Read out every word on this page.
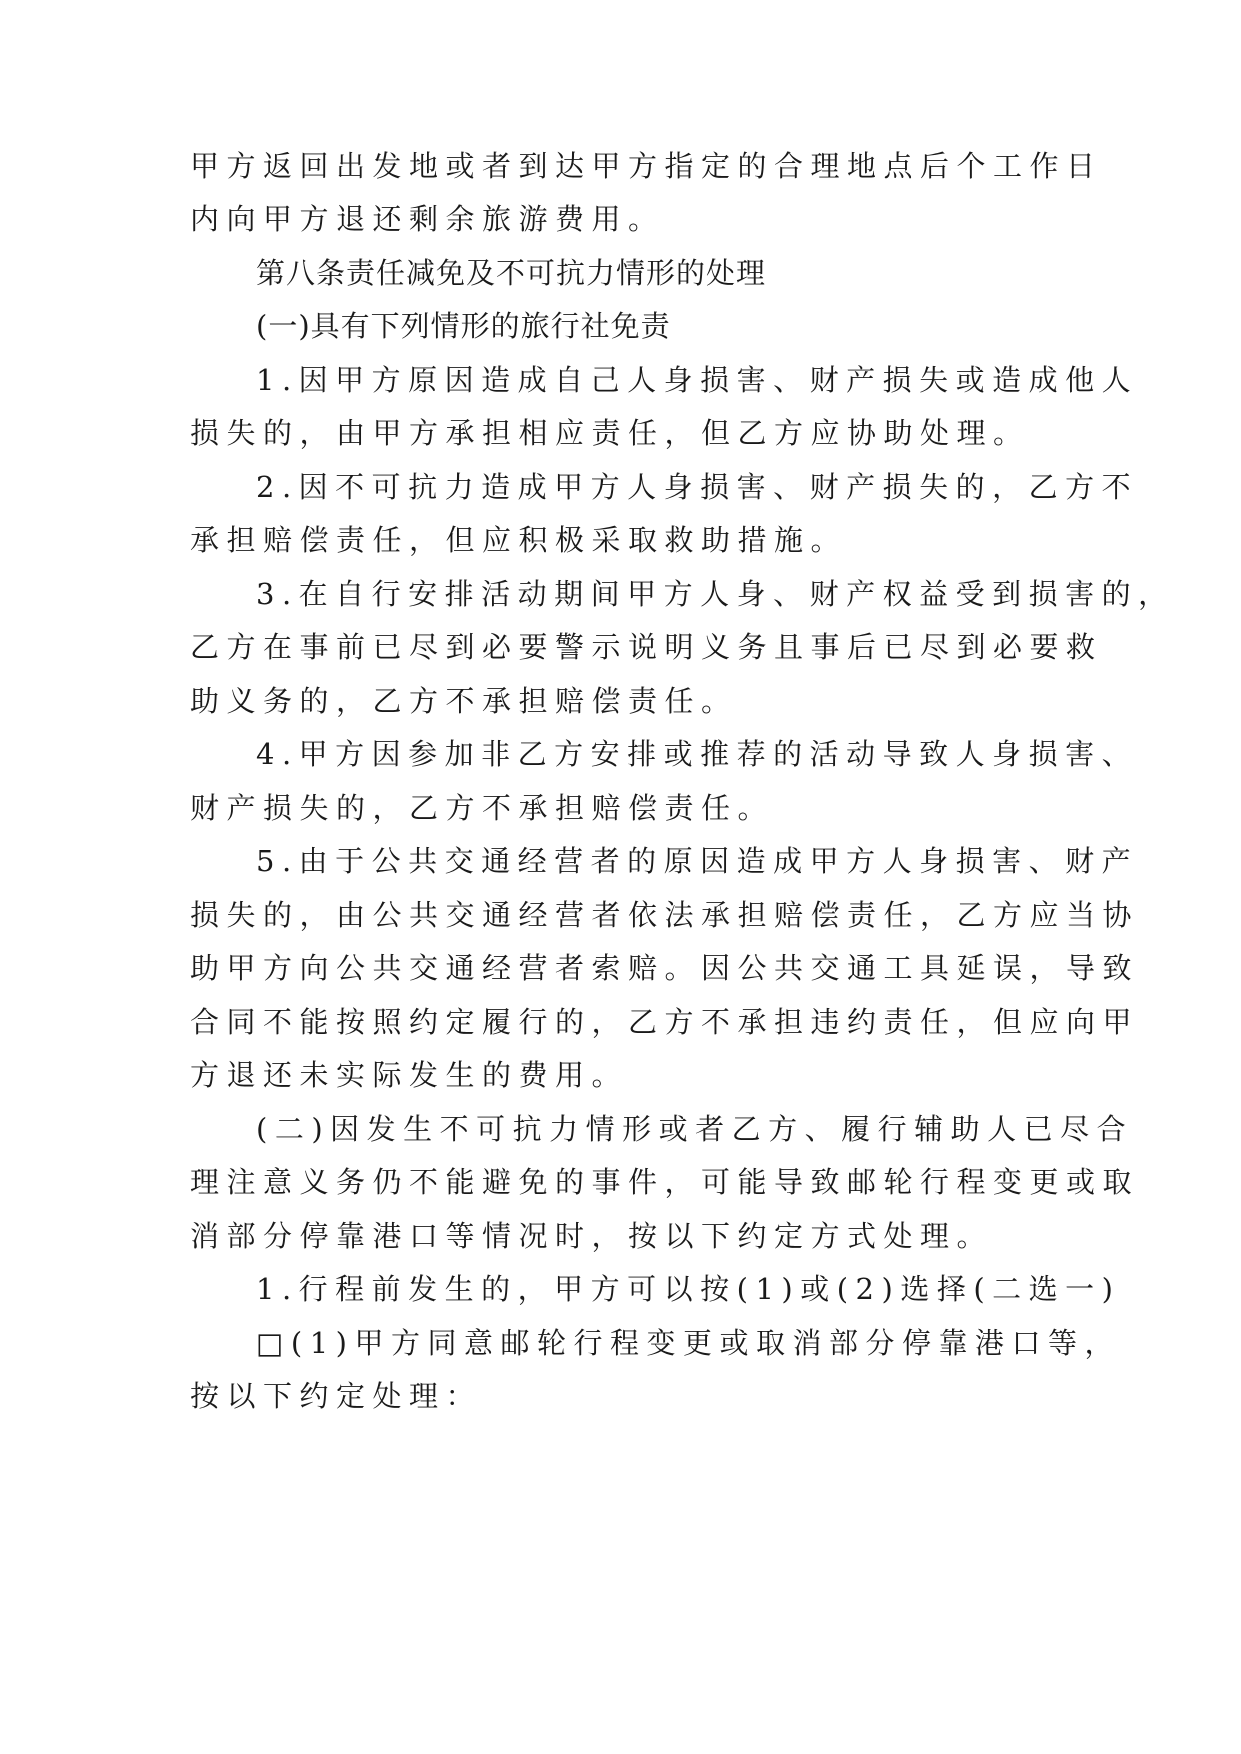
甲方返回出发地或者到达甲方指定的合理地点后个工作日

内向甲方退还剩余旅游费用。

第八条责任减免及不可抗力情形的处理

(一)具有下列情形的旅行社免责

1.因甲方原因造成自己人身损害、财产损失或造成他人

损失的，由甲方承担相应责任，但乙方应协助处理。

2.因不可抗力造成甲方人身损害、财产损失的，乙方不

承担赔偿责任，但应积极采取救助措施。

3.在自行安排活动期间甲方人身、财产权益受到损害的，

乙方在事前已尽到必要警示说明义务且事后已尽到必要救

助义务的，乙方不承担赔偿责任。

4.甲方因参加非乙方安排或推荐的活动导致人身损害、

财产损失的，乙方不承担赔偿责任。

5.由于公共交通经营者的原因造成甲方人身损害、财产

损失的，由公共交通经营者依法承担赔偿责任，乙方应当协

助甲方向公共交通经营者索赔。因公共交通工具延误，导致

合同不能按照约定履行的，乙方不承担违约责任，但应向甲

方退还未实际发生的费用。

(二)因发生不可抗力情形或者乙方、履行辅助人已尽合

理注意义务仍不能避免的事件，可能导致邮轮行程变更或取

消部分停靠港口等情况时，按以下约定方式处理。

1.行程前发生的，甲方可以按(1)或(2)选择(二选一)

□(1)甲方同意邮轮行程变更或取消部分停靠港口等，

按以下约定处理：
